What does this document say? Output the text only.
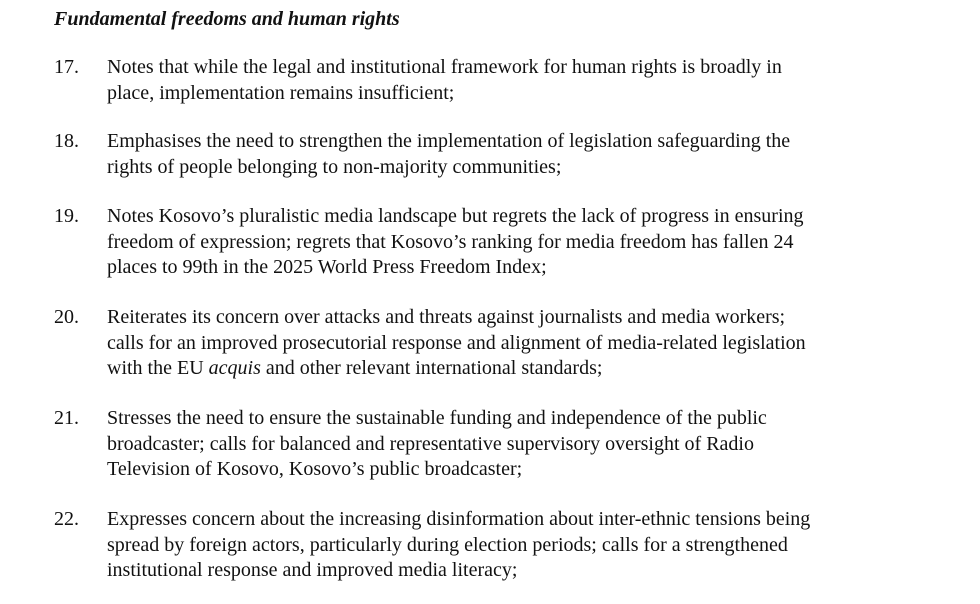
Fundamental freedoms and human rights
17. Notes that while the legal and institutional framework for human rights is broadly in
place, implementation remains insufficient;
18. Emphasises the need to strengthen the implementation of legislation safeguarding the
rights of people belonging to non-majority communities;
19. Notes Kosovo’s pluralistic media landscape but regrets the lack of progress in ensuring
freedom of expression; regrets that Kosovo’s ranking for media freedom has fallen 24
places to 99th in the 2025 World Press Freedom Index;
20. Reiterates its concern over attacks and threats against journalists and media workers;
calls for an improved prosecutorial response and alignment of media-related legislation
with the EU acquis and other relevant international standards;
21. Stresses the need to ensure the sustainable funding and independence of the public
broadcaster; calls for balanced and representative supervisory oversight of Radio
Television of Kosovo, Kosovo’s public broadcaster;
22. Expresses concern about the increasing disinformation about inter-ethnic tensions being
spread by foreign actors, particularly during election periods; calls for a strengthened
institutional response and improved media literacy;
